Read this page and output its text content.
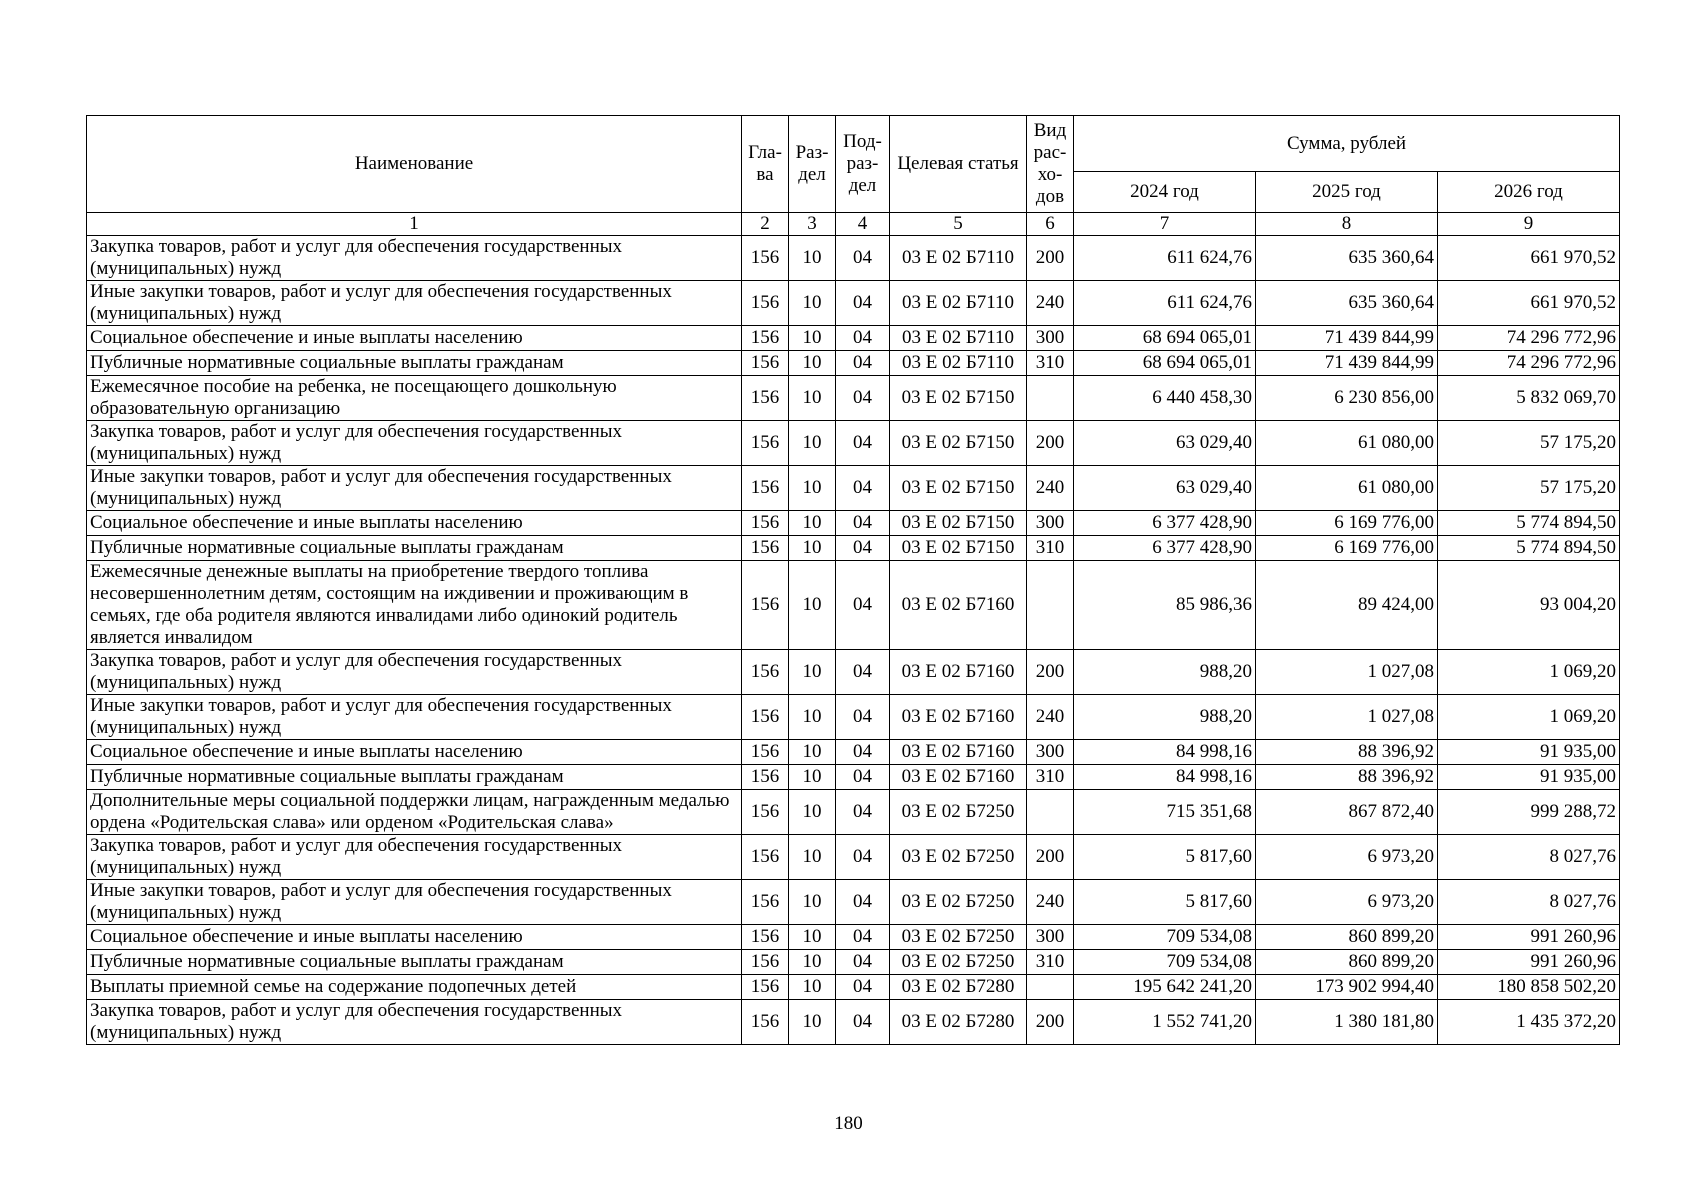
Наименование	Гла-ва	Раз-дел	Под-раз-дел	Целевая статья	Вид рас-хо-дов	Сумма, рублей		
						2024 год	2025 год	2026 год
1	2	3	4	5	6	7	8	9
Закупка товаров, работ и услуг для обеспечения государственных (муниципальных) нужд	156	10	04	03 Е 02 Б7110	200	611 624,76	635 360,64	661 970,52
Иные закупки товаров, работ и услуг для обеспечения государственных (муниципальных) нужд	156	10	04	03 Е 02 Б7110	240	611 624,76	635 360,64	661 970,52
Социальное обеспечение и иные выплаты населению	156	10	04	03 Е 02 Б7110	300	68 694 065,01	71 439 844,99	74 296 772,96
Публичные нормативные социальные выплаты гражданам	156	10	04	03 Е 02 Б7110	310	68 694 065,01	71 439 844,99	74 296 772,96
Ежемесячное пособие на ребенка, не посещающего дошкольную образовательную организацию	156	10	04	03 Е 02 Б7150		6 440 458,30	6 230 856,00	5 832 069,70
Закупка товаров, работ и услуг для обеспечения государственных (муниципальных) нужд	156	10	04	03 Е 02 Б7150	200	63 029,40	61 080,00	57 175,20
Иные закупки товаров, работ и услуг для обеспечения государственных (муниципальных) нужд	156	10	04	03 Е 02 Б7150	240	63 029,40	61 080,00	57 175,20
Социальное обеспечение и иные выплаты населению	156	10	04	03 Е 02 Б7150	300	6 377 428,90	6 169 776,00	5 774 894,50
Публичные нормативные социальные выплаты гражданам	156	10	04	03 Е 02 Б7150	310	6 377 428,90	6 169 776,00	5 774 894,50
Ежемесячные денежные выплаты на приобретение твердого топлива несовершеннолетним детям, состоящим на иждивении и проживающим в семьях, где оба родителя являются инвалидами либо одинокий родитель является инвалидом	156	10	04	03 Е 02 Б7160		85 986,36	89 424,00	93 004,20
Закупка товаров, работ и услуг для обеспечения государственных (муниципальных) нужд	156	10	04	03 Е 02 Б7160	200	988,20	1 027,08	1 069,20
Иные закупки товаров, работ и услуг для обеспечения государственных (муниципальных) нужд	156	10	04	03 Е 02 Б7160	240	988,20	1 027,08	1 069,20
Социальное обеспечение и иные выплаты населению	156	10	04	03 Е 02 Б7160	300	84 998,16	88 396,92	91 935,00
Публичные нормативные социальные выплаты гражданам	156	10	04	03 Е 02 Б7160	310	84 998,16	88 396,92	91 935,00
Дополнительные меры социальной поддержки лицам, награжденным медалью ордена «Родительская слава» или орденом «Родительская слава»	156	10	04	03 Е 02 Б7250		715 351,68	867 872,40	999 288,72
Закупка товаров, работ и услуг для обеспечения государственных (муниципальных) нужд	156	10	04	03 Е 02 Б7250	200	5 817,60	6 973,20	8 027,76
Иные закупки товаров, работ и услуг для обеспечения государственных (муниципальных) нужд	156	10	04	03 Е 02 Б7250	240	5 817,60	6 973,20	8 027,76
Социальное обеспечение и иные выплаты населению	156	10	04	03 Е 02 Б7250	300	709 534,08	860 899,20	991 260,96
Публичные нормативные социальные выплаты гражданам	156	10	04	03 Е 02 Б7250	310	709 534,08	860 899,20	991 260,96
Выплаты приемной семье на содержание подопечных детей	156	10	04	03 Е 02 Б7280		195 642 241,20	173 902 994,40	180 858 502,20
Закупка товаров, работ и услуг для обеспечения государственных (муниципальных) нужд	156	10	04	03 Е 02 Б7280	200	1 552 741,20	1 380 181,80	1 435 372,20
180
